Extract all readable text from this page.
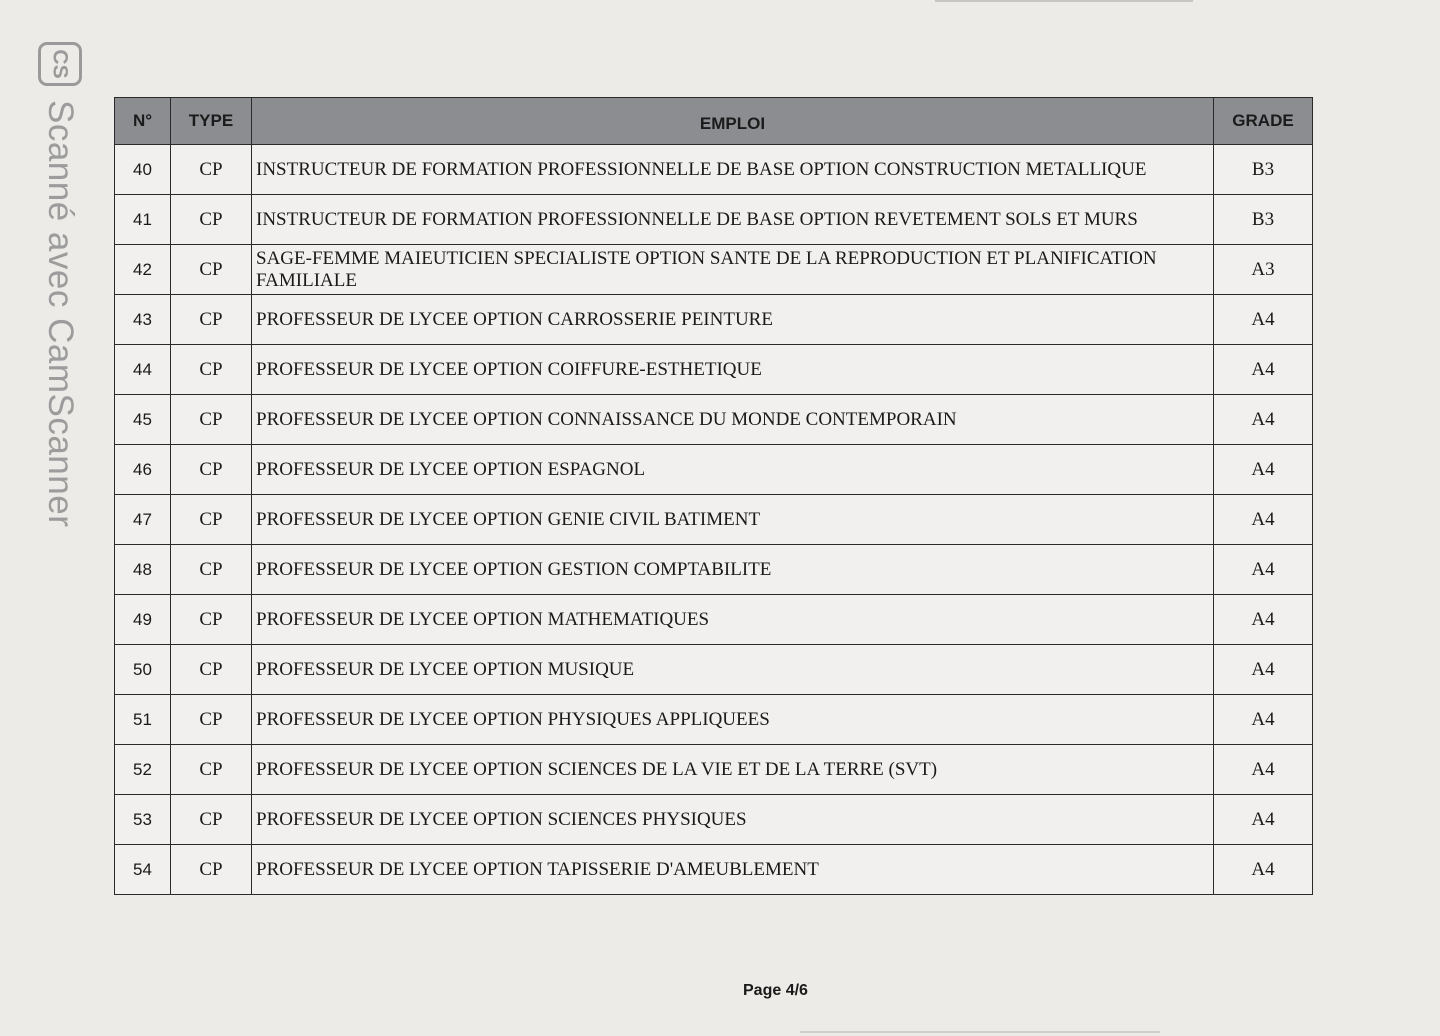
CS
Scanné avec CamScanner	N°	TYPE	EMPLOI	GRADE
40	CP	INSTRUCTEUR DE FORMATION PROFESSIONNELLE DE BASE OPTION CONSTRUCTION METALLIQUE	B3
41	CP	INSTRUCTEUR DE FORMATION PROFESSIONNELLE DE BASE OPTION REVETEMENT SOLS ET MURS	B3
42	CP	SAGE-FEMME MAIEUTICIEN SPECIALISTE OPTION SANTE DE LA REPRODUCTION ET PLANIFICATION FAMILIALE	A3
43	CP	PROFESSEUR DE LYCEE OPTION CARROSSERIE PEINTURE	A4
44	CP	PROFESSEUR DE LYCEE OPTION COIFFURE-ESTHETIQUE	A4
45	CP	PROFESSEUR DE LYCEE OPTION CONNAISSANCE DU MONDE CONTEMPORAIN	A4
46	CP	PROFESSEUR DE LYCEE OPTION ESPAGNOL	A4
47	CP	PROFESSEUR DE LYCEE OPTION GENIE CIVIL BATIMENT	A4
48	CP	PROFESSEUR DE LYCEE OPTION GESTION COMPTABILITE	A4
49	CP	PROFESSEUR DE LYCEE OPTION MATHEMATIQUES	A4
50	CP	PROFESSEUR DE LYCEE OPTION MUSIQUE	A4
51	CP	PROFESSEUR DE LYCEE OPTION PHYSIQUES APPLIQUEES	A4
52	CP	PROFESSEUR DE LYCEE OPTION SCIENCES DE LA VIE ET DE LA TERRE (SVT)	A4
53	CP	PROFESSEUR DE LYCEE OPTION SCIENCES PHYSIQUES	A4
54	CP	PROFESSEUR DE LYCEE OPTION TAPISSERIE D'AMEUBLEMENT	A4
Page 4/6
